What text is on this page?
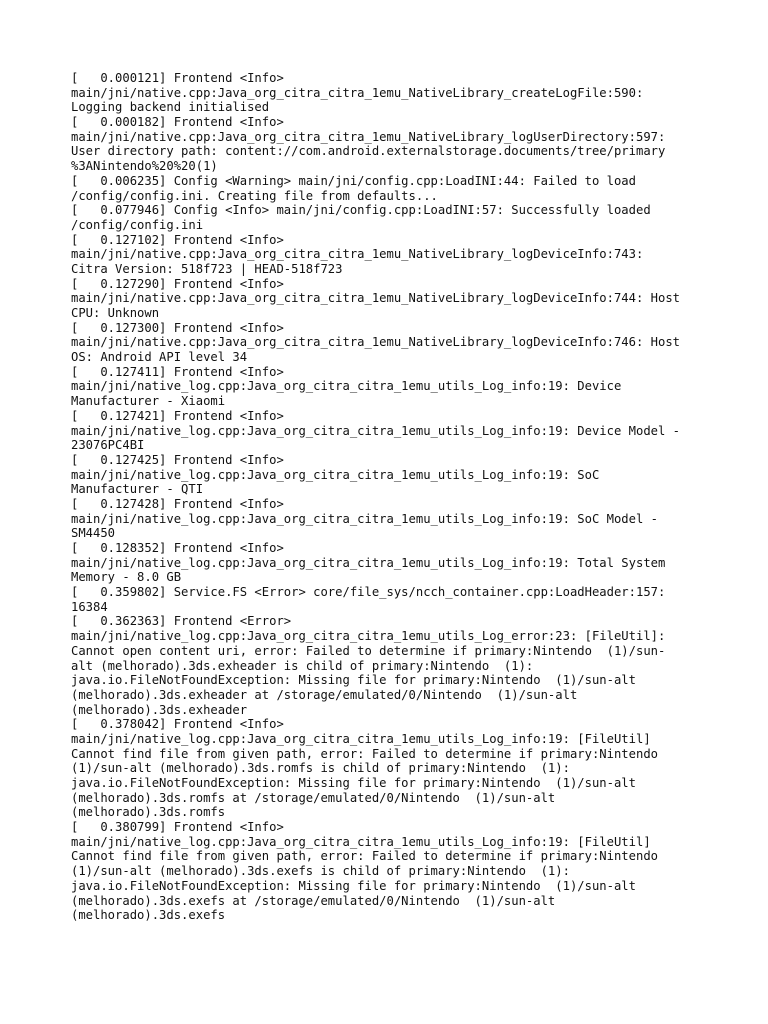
[   0.000121] Frontend <Info>
main/jni/native.cpp:Java_org_citra_citra_1emu_NativeLibrary_createLogFile:590:
Logging backend initialised
[   0.000182] Frontend <Info>
main/jni/native.cpp:Java_org_citra_citra_1emu_NativeLibrary_logUserDirectory:597:
User directory path: content://com.android.externalstorage.documents/tree/primary
%3ANintendo%20%20(1)
[   0.006235] Config <Warning> main/jni/config.cpp:LoadINI:44: Failed to load
/config/config.ini. Creating file from defaults...
[   0.077946] Config <Info> main/jni/config.cpp:LoadINI:57: Successfully loaded
/config/config.ini
[   0.127102] Frontend <Info>
main/jni/native.cpp:Java_org_citra_citra_1emu_NativeLibrary_logDeviceInfo:743:
Citra Version: 518f723 | HEAD-518f723
[   0.127290] Frontend <Info>
main/jni/native.cpp:Java_org_citra_citra_1emu_NativeLibrary_logDeviceInfo:744: Host
CPU: Unknown
[   0.127300] Frontend <Info>
main/jni/native.cpp:Java_org_citra_citra_1emu_NativeLibrary_logDeviceInfo:746: Host
OS: Android API level 34
[   0.127411] Frontend <Info>
main/jni/native_log.cpp:Java_org_citra_citra_1emu_utils_Log_info:19: Device
Manufacturer - Xiaomi
[   0.127421] Frontend <Info>
main/jni/native_log.cpp:Java_org_citra_citra_1emu_utils_Log_info:19: Device Model -
23076PC4BI
[   0.127425] Frontend <Info>
main/jni/native_log.cpp:Java_org_citra_citra_1emu_utils_Log_info:19: SoC
Manufacturer - QTI
[   0.127428] Frontend <Info>
main/jni/native_log.cpp:Java_org_citra_citra_1emu_utils_Log_info:19: SoC Model -
SM4450
[   0.128352] Frontend <Info>
main/jni/native_log.cpp:Java_org_citra_citra_1emu_utils_Log_info:19: Total System
Memory - 8.0 GB
[   0.359802] Service.FS <Error> core/file_sys/ncch_container.cpp:LoadHeader:157:
16384
[   0.362363] Frontend <Error>
main/jni/native_log.cpp:Java_org_citra_citra_1emu_utils_Log_error:23: [FileUtil]:
Cannot open content uri, error: Failed to determine if primary:Nintendo  (1)/sun-
alt (melhorado).3ds.exheader is child of primary:Nintendo  (1):
java.io.FileNotFoundException: Missing file for primary:Nintendo  (1)/sun-alt
(melhorado).3ds.exheader at /storage/emulated/0/Nintendo  (1)/sun-alt
(melhorado).3ds.exheader
[   0.378042] Frontend <Info>
main/jni/native_log.cpp:Java_org_citra_citra_1emu_utils_Log_info:19: [FileUtil]
Cannot find file from given path, error: Failed to determine if primary:Nintendo
(1)/sun-alt (melhorado).3ds.romfs is child of primary:Nintendo  (1):
java.io.FileNotFoundException: Missing file for primary:Nintendo  (1)/sun-alt
(melhorado).3ds.romfs at /storage/emulated/0/Nintendo  (1)/sun-alt
(melhorado).3ds.romfs
[   0.380799] Frontend <Info>
main/jni/native_log.cpp:Java_org_citra_citra_1emu_utils_Log_info:19: [FileUtil]
Cannot find file from given path, error: Failed to determine if primary:Nintendo
(1)/sun-alt (melhorado).3ds.exefs is child of primary:Nintendo  (1):
java.io.FileNotFoundException: Missing file for primary:Nintendo  (1)/sun-alt
(melhorado).3ds.exefs at /storage/emulated/0/Nintendo  (1)/sun-alt
(melhorado).3ds.exefs
